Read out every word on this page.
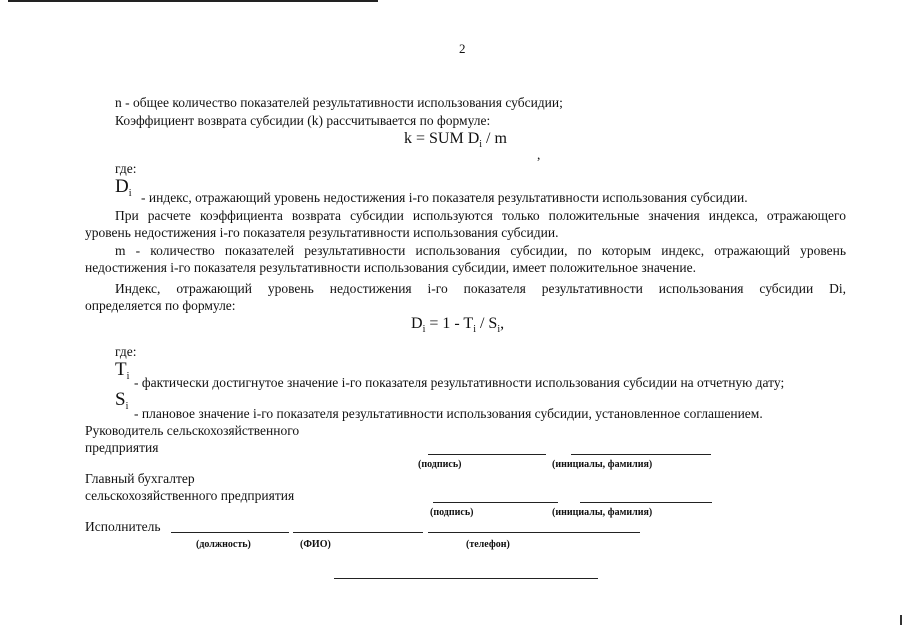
2
n - общее количество показателей результативности использования субсидии;
Коэффициент возврата субсидии (k) рассчитывается по формуле:
k = SUM $D_i$ / m
,
где:
$D_i$ - индекс, отражающий уровень недостижения i-го показателя результативности использования субсидии.
При расчете коэффициента возврата субсидии используются только положительные значения индекса, отражающего
уровень недостижения i-го показателя результативности использования субсидии.
m - количество показателей результативности использования субсидии, по которым индекс, отражающий уровень
недостижения i-го показателя результативности использования субсидии, имеет положительное значение.
Индекс, отражающий уровень недостижения i-го показателя результативности использования субсидии Di,
определяется по формуле:
$D_i = 1 - T_i / S_i$,
где:
$T_i$ - фактически достигнутое значение i-го показателя результативности использования субсидии на отчетную дату;
$S_i$ - плановое значение i-го показателя результативности использования субсидии, установленное соглашением.
Руководитель сельскохозяйственного
предприятия
(подпись)	(инициалы, фамилия)
Главный бухгалтер
сельскохозяйственного предприятия
(подпись)	(инициалы, фамилия)
Исполнитель
(должность)	(ФИО)	(телефон)
